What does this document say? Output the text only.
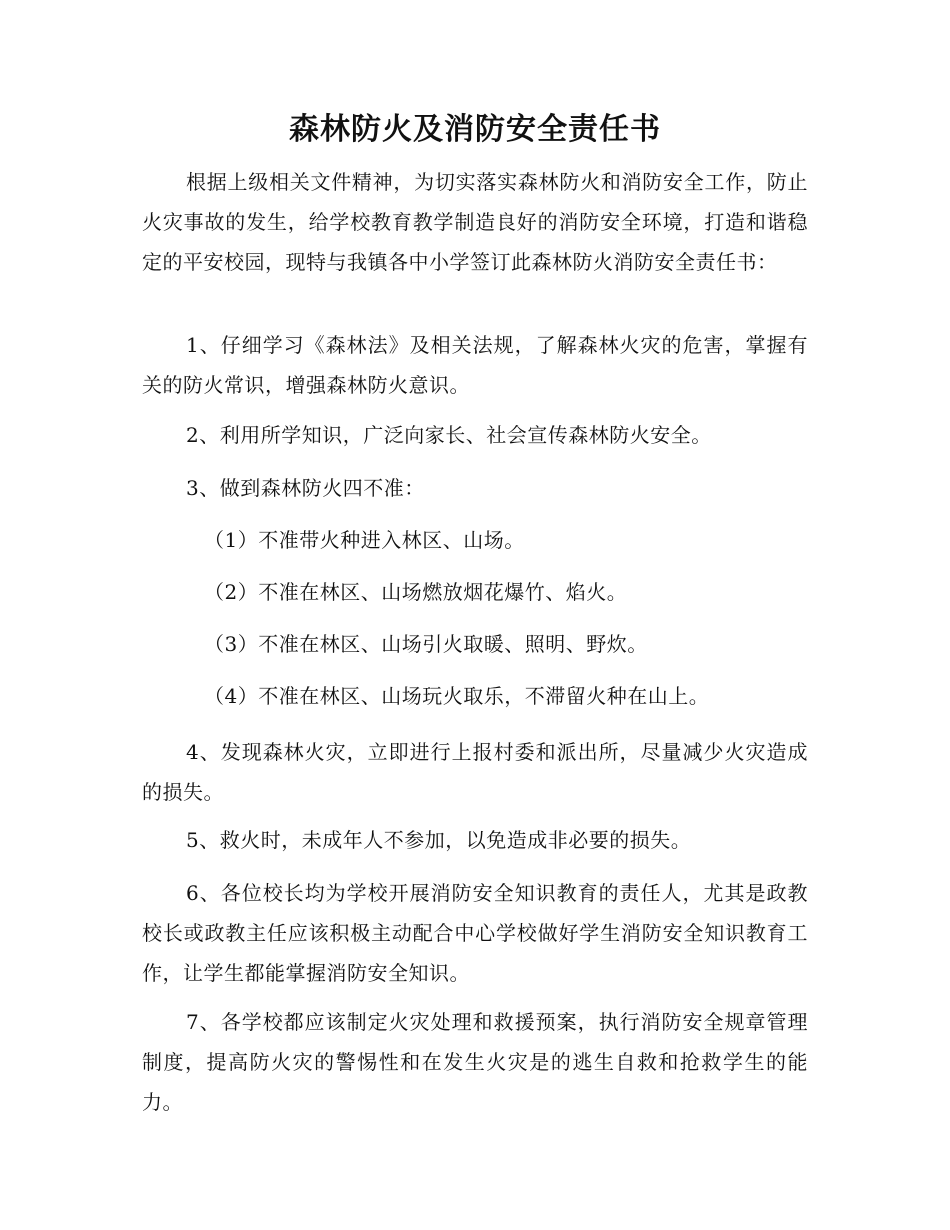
森林防火及消防安全责任书

根据上级相关文件精神，为切实落实森林防火和消防安全工作，防止火灾事故的发生，给学校教育教学制造良好的消防安全环境，打造和谐稳定的平安校园，现特与我镇各中小学签订此森林防火消防安全责任书：

1、仔细学习《森林法》及相关法规，了解森林火灾的危害，掌握有关的防火常识，增强森林防火意识。

2、利用所学知识，广泛向家长、社会宣传森林防火安全。

3、做到森林防火四不准：

（1）不准带火种进入林区、山场。

（2）不准在林区、山场燃放烟花爆竹、焰火。

（3）不准在林区、山场引火取暖、照明、野炊。

（4）不准在林区、山场玩火取乐，不滞留火种在山上。

4、发现森林火灾，立即进行上报村委和派出所，尽量减少火灾造成的损失。

5、救火时，未成年人不参加，以免造成非必要的损失。

6、各位校长均为学校开展消防安全知识教育的责任人，尤其是政教校长或政教主任应该积极主动配合中心学校做好学生消防安全知识教育工作，让学生都能掌握消防安全知识。

7、各学校都应该制定火灾处理和救援预案，执行消防安全规章管理制度，提高防火灾的警惕性和在发生火灾是的逃生自救和抢救学生的能力。
